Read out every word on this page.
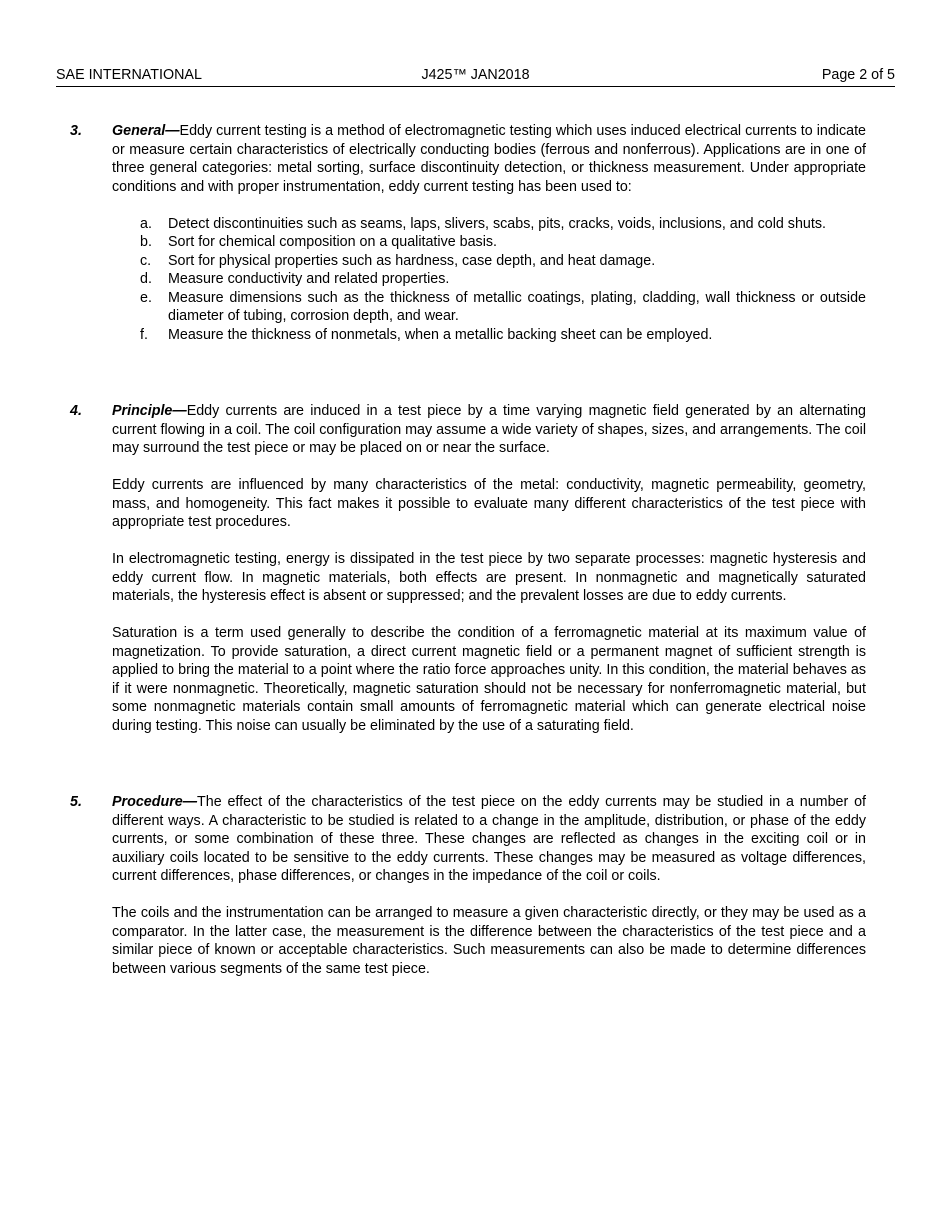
SAE INTERNATIONAL	J425™ JAN2018	Page 2 of 5
3. General—Eddy current testing is a method of electromagnetic testing which uses induced electrical currents to indicate or measure certain characteristics of electrically conducting bodies (ferrous and nonferrous). Applications are in one of three general categories: metal sorting, surface discontinuity detection, or thickness measurement. Under appropriate conditions and with proper instrumentation, eddy current testing has been used to:

a. Detect discontinuities such as seams, laps, slivers, scabs, pits, cracks, voids, inclusions, and cold shuts.
b. Sort for chemical composition on a qualitative basis.
c. Sort for physical properties such as hardness, case depth, and heat damage.
d. Measure conductivity and related properties.
e. Measure dimensions such as the thickness of metallic coatings, plating, cladding, wall thickness or outside diameter of tubing, corrosion depth, and wear.
f. Measure the thickness of nonmetals, when a metallic backing sheet can be employed.
4. Principle—Eddy currents are induced in a test piece by a time varying magnetic field generated by an alternating current flowing in a coil. The coil configuration may assume a wide variety of shapes, sizes, and arrangements. The coil may surround the test piece or may be placed on or near the surface.

Eddy currents are influenced by many characteristics of the metal: conductivity, magnetic permeability, geometry, mass, and homogeneity. This fact makes it possible to evaluate many different characteristics of the test piece with appropriate test procedures.

In electromagnetic testing, energy is dissipated in the test piece by two separate processes: magnetic hysteresis and eddy current flow. In magnetic materials, both effects are present. In nonmagnetic and magnetically saturated materials, the hysteresis effect is absent or suppressed; and the prevalent losses are due to eddy currents.

Saturation is a term used generally to describe the condition of a ferromagnetic material at its maximum value of magnetization. To provide saturation, a direct current magnetic field or a permanent magnet of sufficient strength is applied to bring the material to a point where the ratio force approaches unity. In this condition, the material behaves as if it were nonmagnetic. Theoretically, magnetic saturation should not be necessary for nonferromagnetic material, but some nonmagnetic materials contain small amounts of ferromagnetic material which can generate electrical noise during testing. This noise can usually be eliminated by the use of a saturating field.

5. Procedure—The effect of the characteristics of the test piece on the eddy currents may be studied in a number of different ways. A characteristic to be studied is related to a change in the amplitude, distribution, or phase of the eddy currents, or some combination of these three. These changes are reflected as changes in the exciting coil or in auxiliary coils located to be sensitive to the eddy currents. These changes may be measured as voltage differences, current differences, phase differences, or changes in the impedance of the coil or coils.

The coils and the instrumentation can be arranged to measure a given characteristic directly, or they may be used as a comparator. In the latter case, the measurement is the difference between the characteristics of the test piece and a similar piece of known or acceptable characteristics. Such measurements can also be made to determine differences between various segments of the same test piece.
